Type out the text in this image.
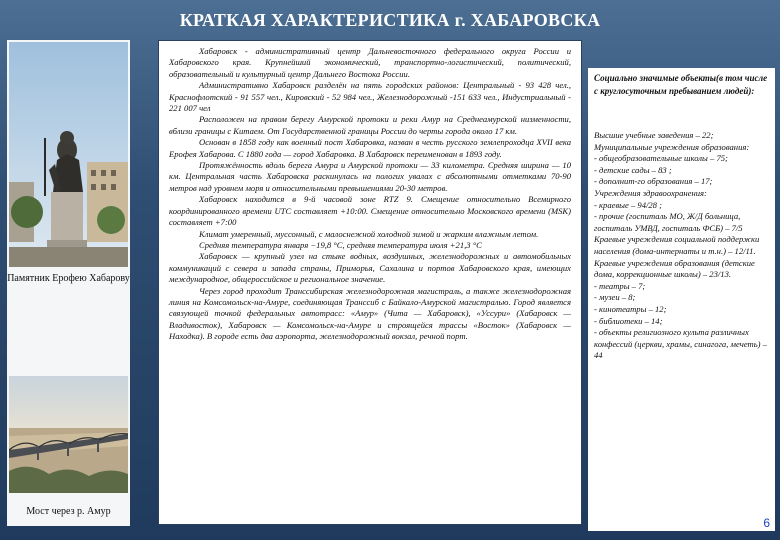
КРАТКАЯ ХАРАКТЕРИСТИКА г. ХАБАРОВСКА
Памятник Ерофею Хабарову
Мост через р. Амур

Хабаровск - административный центр Дальневосточного федерального округа России и Хабаровского края. Крупнейший экономический, транспортно-логистический, политический, образовательный и культурный центр Дальнего Востока России.

Административно Хабаровск разделён на пять городских районов: Центральный - 93 428 чел., Краснофлотский - 91 557 чел., Кировский - 52 984 чел., Железнодорожный -151 633 чел., Индустриальный - 221 007 чел

Расположен на правом берегу Амурской протоки и реки Амур на Среднеамурской низменности, вблизи границы с Китаем. От Государственной границы России до черты города около 17 км.

Основан в 1858 году как военный пост Хабаровка, назван в честь русского землепроходца XVII века Ерофея Хабарова. С 1880 года — город Хабаровка. В Хабаровск переименован в 1893 году.

Протяжённость вдоль берега Амура и Амурской протоки — 33 километра. Средняя ширина — 10 км. Центральная часть Хабаровска раскинулась на пологих увалах с абсолютными отметками 70-90 метров над уровнем моря и относительными превышениями 20-30 метров.

Хабаровск находится в 9-й часовой зоне RTZ 9. Смещение относительно Всемирного координированного времени UTC составляет +10:00. Смещение относительно Московского времени (MSK) составляет +7:00

Климат умеренный, муссонный, с малоснежной холодной зимой и жарким влажным летом.

Средняя температура января −19,8 °C, средняя температура июля +21,3 °C

Хабаровск — крупный узел на стыке водных, воздушных, железнодорожных и автомобильных коммуникаций с севера и запада страны, Приморья, Сахалина и портов Хабаровского края, имеющих международное, общероссийское и региональное значение.

Через город проходит Транссибирская железнодорожная магистраль, а также железнодорожная линия на Комсомольск-на-Амуре, соединяющая Транссиб с Байкало-Амурской магистралью. Город является связующей точкой федеральных автотрасс: «Амур» (Чита — Хабаровск), «Уссури» (Хабаровск — Владивосток), Хабаровск — Комсомольск-на-Амуре и строящейся трассы «Восток» (Хабаровск — Находка). В городе есть два аэропорта, железнодорожный вокзал, речной порт.

Социально значимые объекты(в том числе с круглосуточным пребыванием людей):
Высшие учебные заведения – 22;
Муниципальные учреждения образования:
- общеобразовательные школы – 75;
- детские сады – 83 ;
- дополнит-го образования – 17;
Учреждения здравоохранения:
- краевые – 94/28 ;
- прочие (госпиталь МО, Ж/Д больница, госпиталь УМВД, госпиталь ФСБ) – 7/5
Краевые учреждения социальной поддержки населения (дома-интернаты и т.н.) – 12/11.
Краевые учреждения образования (детские дома, коррекционные школы) – 23/13.
- театры – 7;
- музеи – 8;
- кинотеатры – 12;
- библиотеки – 14;
- объекты религиозного культа различных конфессий (церкви, храмы, синагога, мечеть) – 44
6
